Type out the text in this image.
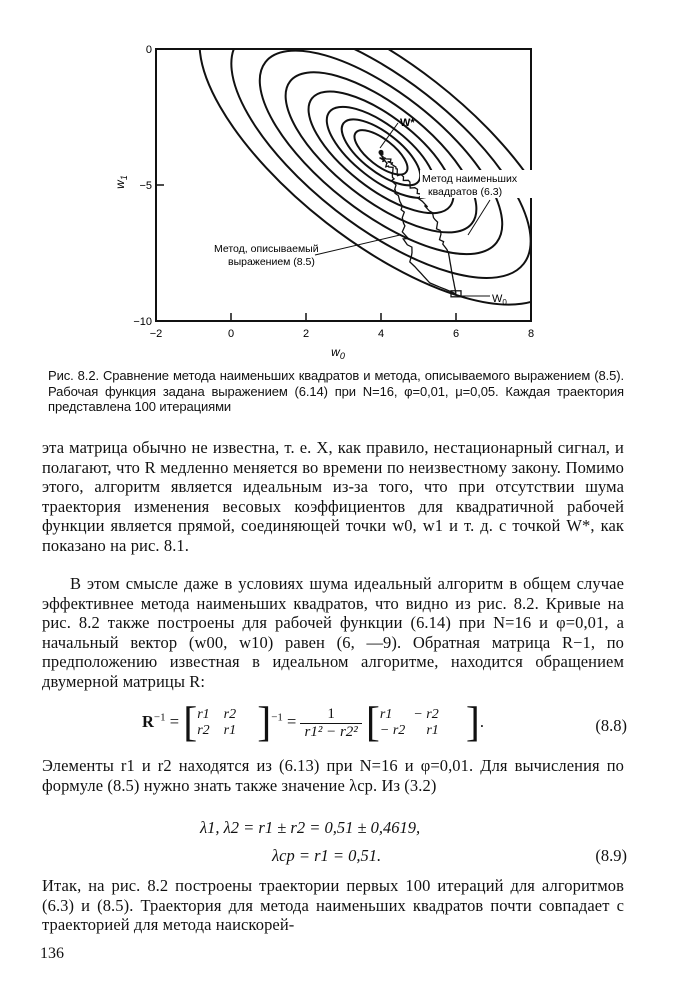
−2	0	2	4	6	8
0
−5
−10
$w_0$
$w_1$
W*
Метод наименьших
квадратов (6.3)
Метод, описываемый
выражением (8.5)
$W_0$
Рис. 8.2. Сравнение метода наименьших квадратов и метода, описываемого выражением (8.5). Рабочая функция задана выражением (6.14) при N=16, φ=0,01, μ=0,05. Каждая траектория представлена 100 итерациями
эта матрица обычно не известна, т. е. X, как правило, нестационарный сигнал, и полагают, что R медленно меняется во времени по неизвестному закону. Помимо этого, алгоритм является идеальным из-за того, что при отсутствии шума траектория изменения весовых коэффициентов для квадратичной рабочей функции является прямой, соединяющей точки w0, w1 и т. д. с точкой W*, как показано на рис. 8.1.
В этом смысле даже в условиях шума идеальный алгоритм в общем случае эффективнее метода наименьших квадратов, что видно из рис. 8.2. Кривые на рис. 8.2 также построены для рабочей функции (6.14) при N=16 и φ=0,01, а начальный вектор (w00, w10) равен (6, —9). Обратная матрица R−1, по предположению известная в идеальном алгоритме, находится обращением двумерной матрицы R:
$R^{-1}$ = [ r1 r2
r2 r1 ]$^{-1} = \frac{1}{\text{r1² − r2²}}$ [ r1 − r2
− r2 r1 ].	(8.8)
Элементы r1 и r2 находятся из (6.13) при N=16 и φ=0,01. Для вычисления по формуле (8.5) нужно знать также значение λср. Из (3.2)
λ1, λ2 = r1 ± r2 = 0,51 ± 0,4619,
λср = r1 = 0,51.	(8.9)
Итак, на рис. 8.2 построены траектории первых 100 итераций для алгоритмов (6.3) и (8.5). Траектория для метода наименьших квадратов почти совпадает с траекторией для метода наискорей-
136
